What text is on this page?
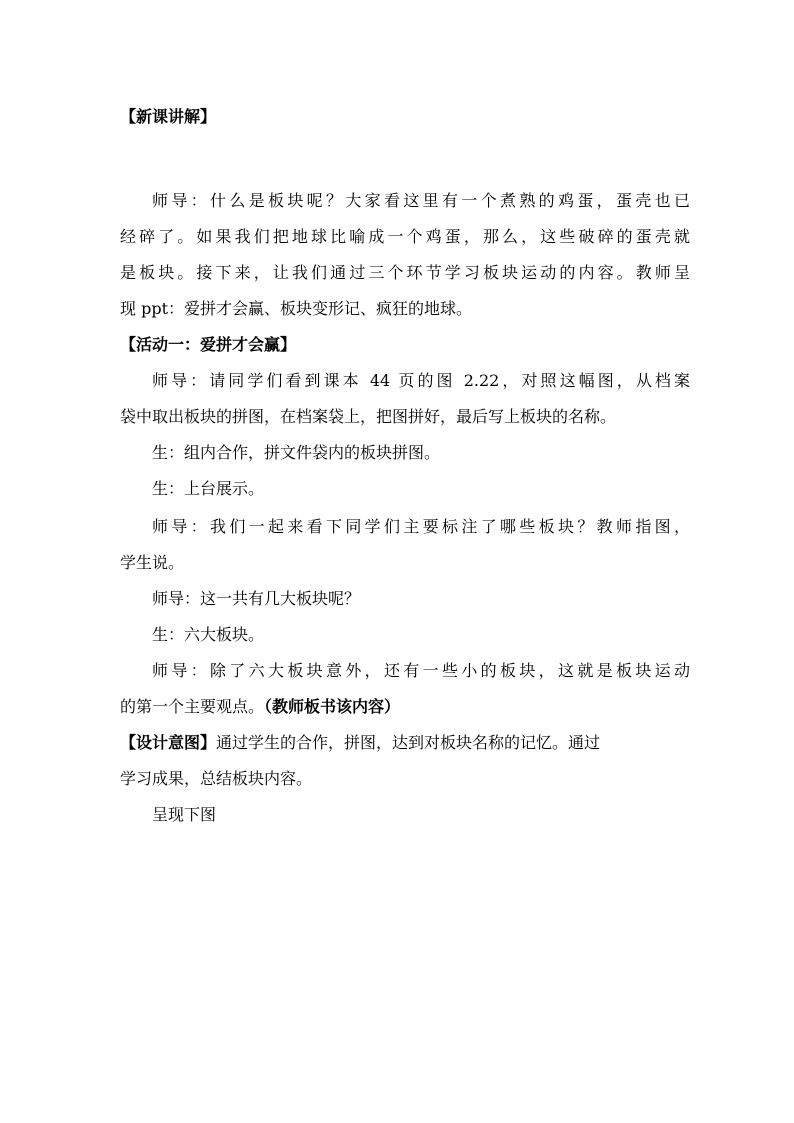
【新课讲解】
师导：什么是板块呢？大家看这里有一个煮熟的鸡蛋，蛋壳也已
经碎了。如果我们把地球比喻成一个鸡蛋，那么，这些破碎的蛋壳就
是板块。接下来，让我们通过三个环节学习板块运动的内容。教师呈
现 ppt：爱拼才会赢、板块变形记、疯狂的地球。
【活动一：爱拼才会赢】
师导：请同学们看到课本 44 页的图 2.22，对照这幅图，从档案
袋中取出板块的拼图，在档案袋上，把图拼好，最后写上板块的名称。
生：组内合作，拼文件袋内的板块拼图。
生：上台展示。
师导：我们一起来看下同学们主要标注了哪些板块？教师指图，
学生说。
师导：这一共有几大板块呢？
生：六大板块。
师导：除了六大板块意外，还有一些小的板块，这就是板块运动
的第一个主要观点。（教师板书该内容）
【设计意图】通过学生的合作，拼图，达到对板块名称的记忆。通过
学习成果，总结板块内容。
呈现下图
